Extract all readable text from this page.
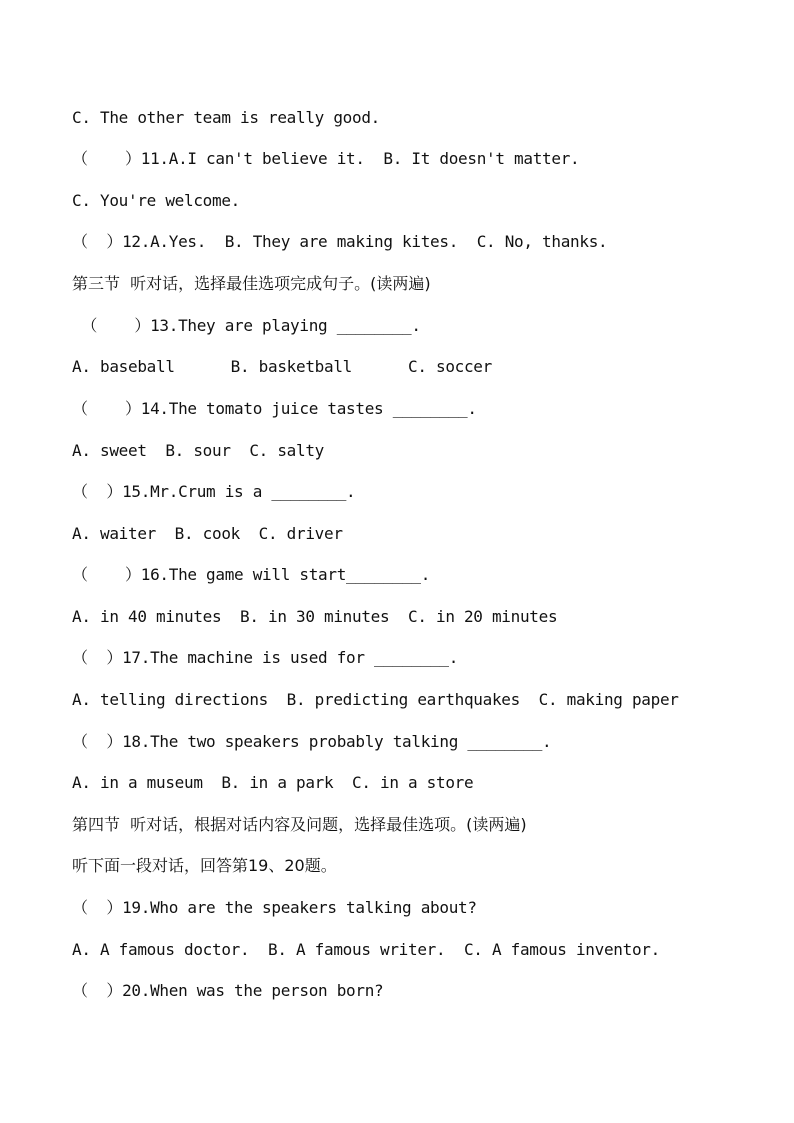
C. The other team is really good.
（    ）11.A.I can't believe it.  B. It doesn't matter.
C. You're welcome.
（  ）12.A.Yes.  B. They are making kites.  C. No, thanks.
第三节  听对话，选择最佳选项完成句子。(读两遍)
（    ）13.They are playing ________.
A. baseball      B. basketball      C. soccer
（    ）14.The tomato juice tastes ________.
A. sweet  B. sour  C. salty
（  ）15.Mr.Crum is a ________.
A. waiter  B. cook  C. driver
（    ）16.The game will start________.
A. in 40 minutes  B. in 30 minutes  C. in 20 minutes
（  ）17.The machine is used for ________.
A. telling directions  B. predicting earthquakes  C. making paper
（  ）18.The two speakers probably talking ________.
A. in a museum  B. in a park  C. in a store
第四节  听对话，根据对话内容及问题，选择最佳选项。(读两遍)
听下面一段对话，回答第19、20题。
（  ）19.Who are the speakers talking about?
A. A famous doctor.  B. A famous writer.  C. A famous inventor.
（  ）20.When was the person born?
